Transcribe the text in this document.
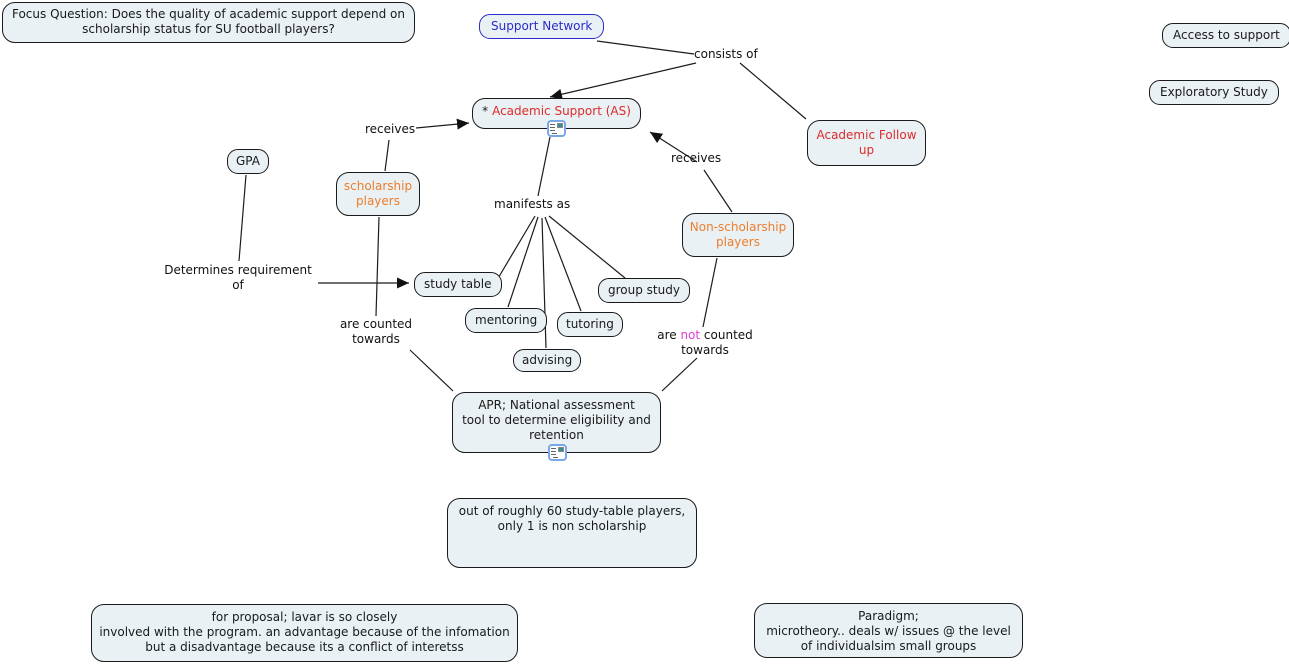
Focus Question: Does the quality of academic support depend on
scholarship status for SU football players?	Support Network
* Academic Support (AS)
Academic Follow
up
Access to support
Exploratory Study
GPA
scholarship
players
Non-scholarship
players
study table
mentoring	tutoring
advising
group study
APR; National assessment
tool to determine eligibility and
retention
out of roughly 60 study-table players,
only 1 is non scholarship
for proposal; lavar is so closely
involved with the program. an advantage because of the infomation
but a disadvantage because its a conflict of interetss
Paradigm;
microtheory.. deals w/ issues @ the level
of individualsim small groups
consists of
receives
receives
manifests as
Determines requirement
of
are counted
towards	are not counted
towards
